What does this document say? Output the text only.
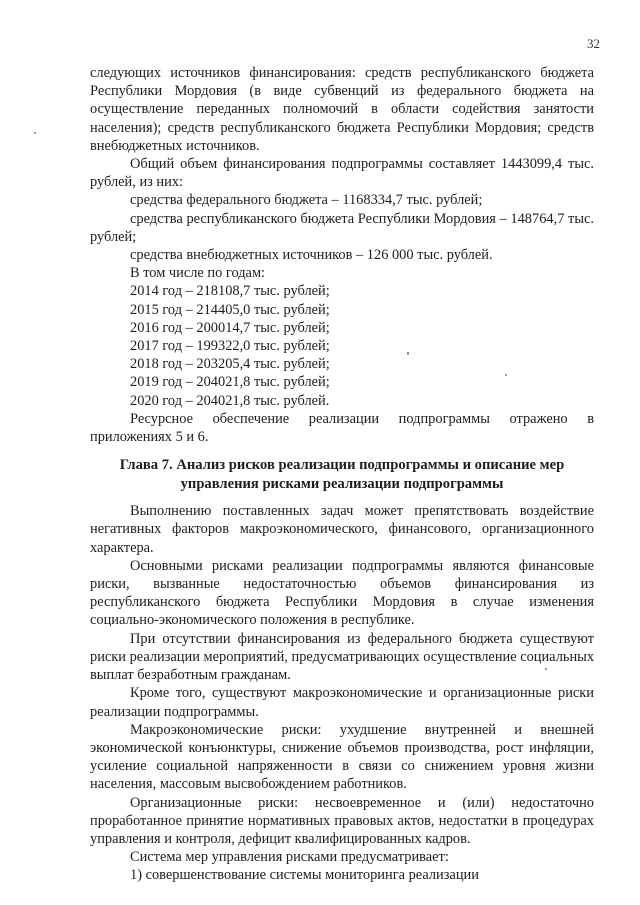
32

следующих источников финансирования: средств республиканского бюджета Республики Мордовия (в виде субвенций из федерального бюджета на осуществление переданных полномочий в области содействия занятости населения); средств республиканского бюджета Республики Мордовия; средств внебюджетных источников.

Общий объем финансирования подпрограммы составляет 1443099,4 тыс. рублей, из них:

средства федерального бюджета – 1168334,7 тыс. рублей;

средства республиканского бюджета Республики Мордовия – 148764,7 тыс. рублей;

средства внебюджетных источников – 126 000 тыс. рублей.

В том числе по годам:

2014 год – 218108,7 тыс. рублей;
2015 год – 214405,0 тыс. рублей;
2016 год – 200014,7 тыс. рублей;
2017 год – 199322,0 тыс. рублей;
2018 год – 203205,4 тыс. рублей;
2019 год – 204021,8 тыс. рублей;
2020 год – 204021,8 тыс. рублей.

Ресурсное обеспечение реализации подпрограммы отражено в приложениях 5 и 6.

Глава 7. Анализ рисков реализации подпрограммы и описание мер
управления рисками реализации подпрограммы

Выполнению поставленных задач может препятствовать воздействие негативных факторов макроэкономического, финансового, организационного характера.

Основными рисками реализации подпрограммы являются финансовые риски, вызванные недостаточностью объемов финансирования из республиканского бюджета Республики Мордовия в случае изменения социально-экономического положения в республике.

При отсутствии финансирования из федерального бюджета существуют риски реализации мероприятий, предусматривающих осуществление социальных выплат безработным гражданам.

Кроме того, существуют макроэкономические и организационные риски реализации подпрограммы.

Макроэкономические риски: ухудшение внутренней и внешней экономической конъюнктуры, снижение объемов производства, рост инфляции, усиление социальной напряженности в связи со снижением уровня жизни населения, массовым высвобождением работников.

Организационные риски: несвоевременное и (или) недостаточно проработанное принятие нормативных правовых актов, недостатки в процедурах управления и контроля, дефицит квалифицированных кадров.

Система мер управления рисками предусматривает:

1) совершенствование системы мониторинга реализации
